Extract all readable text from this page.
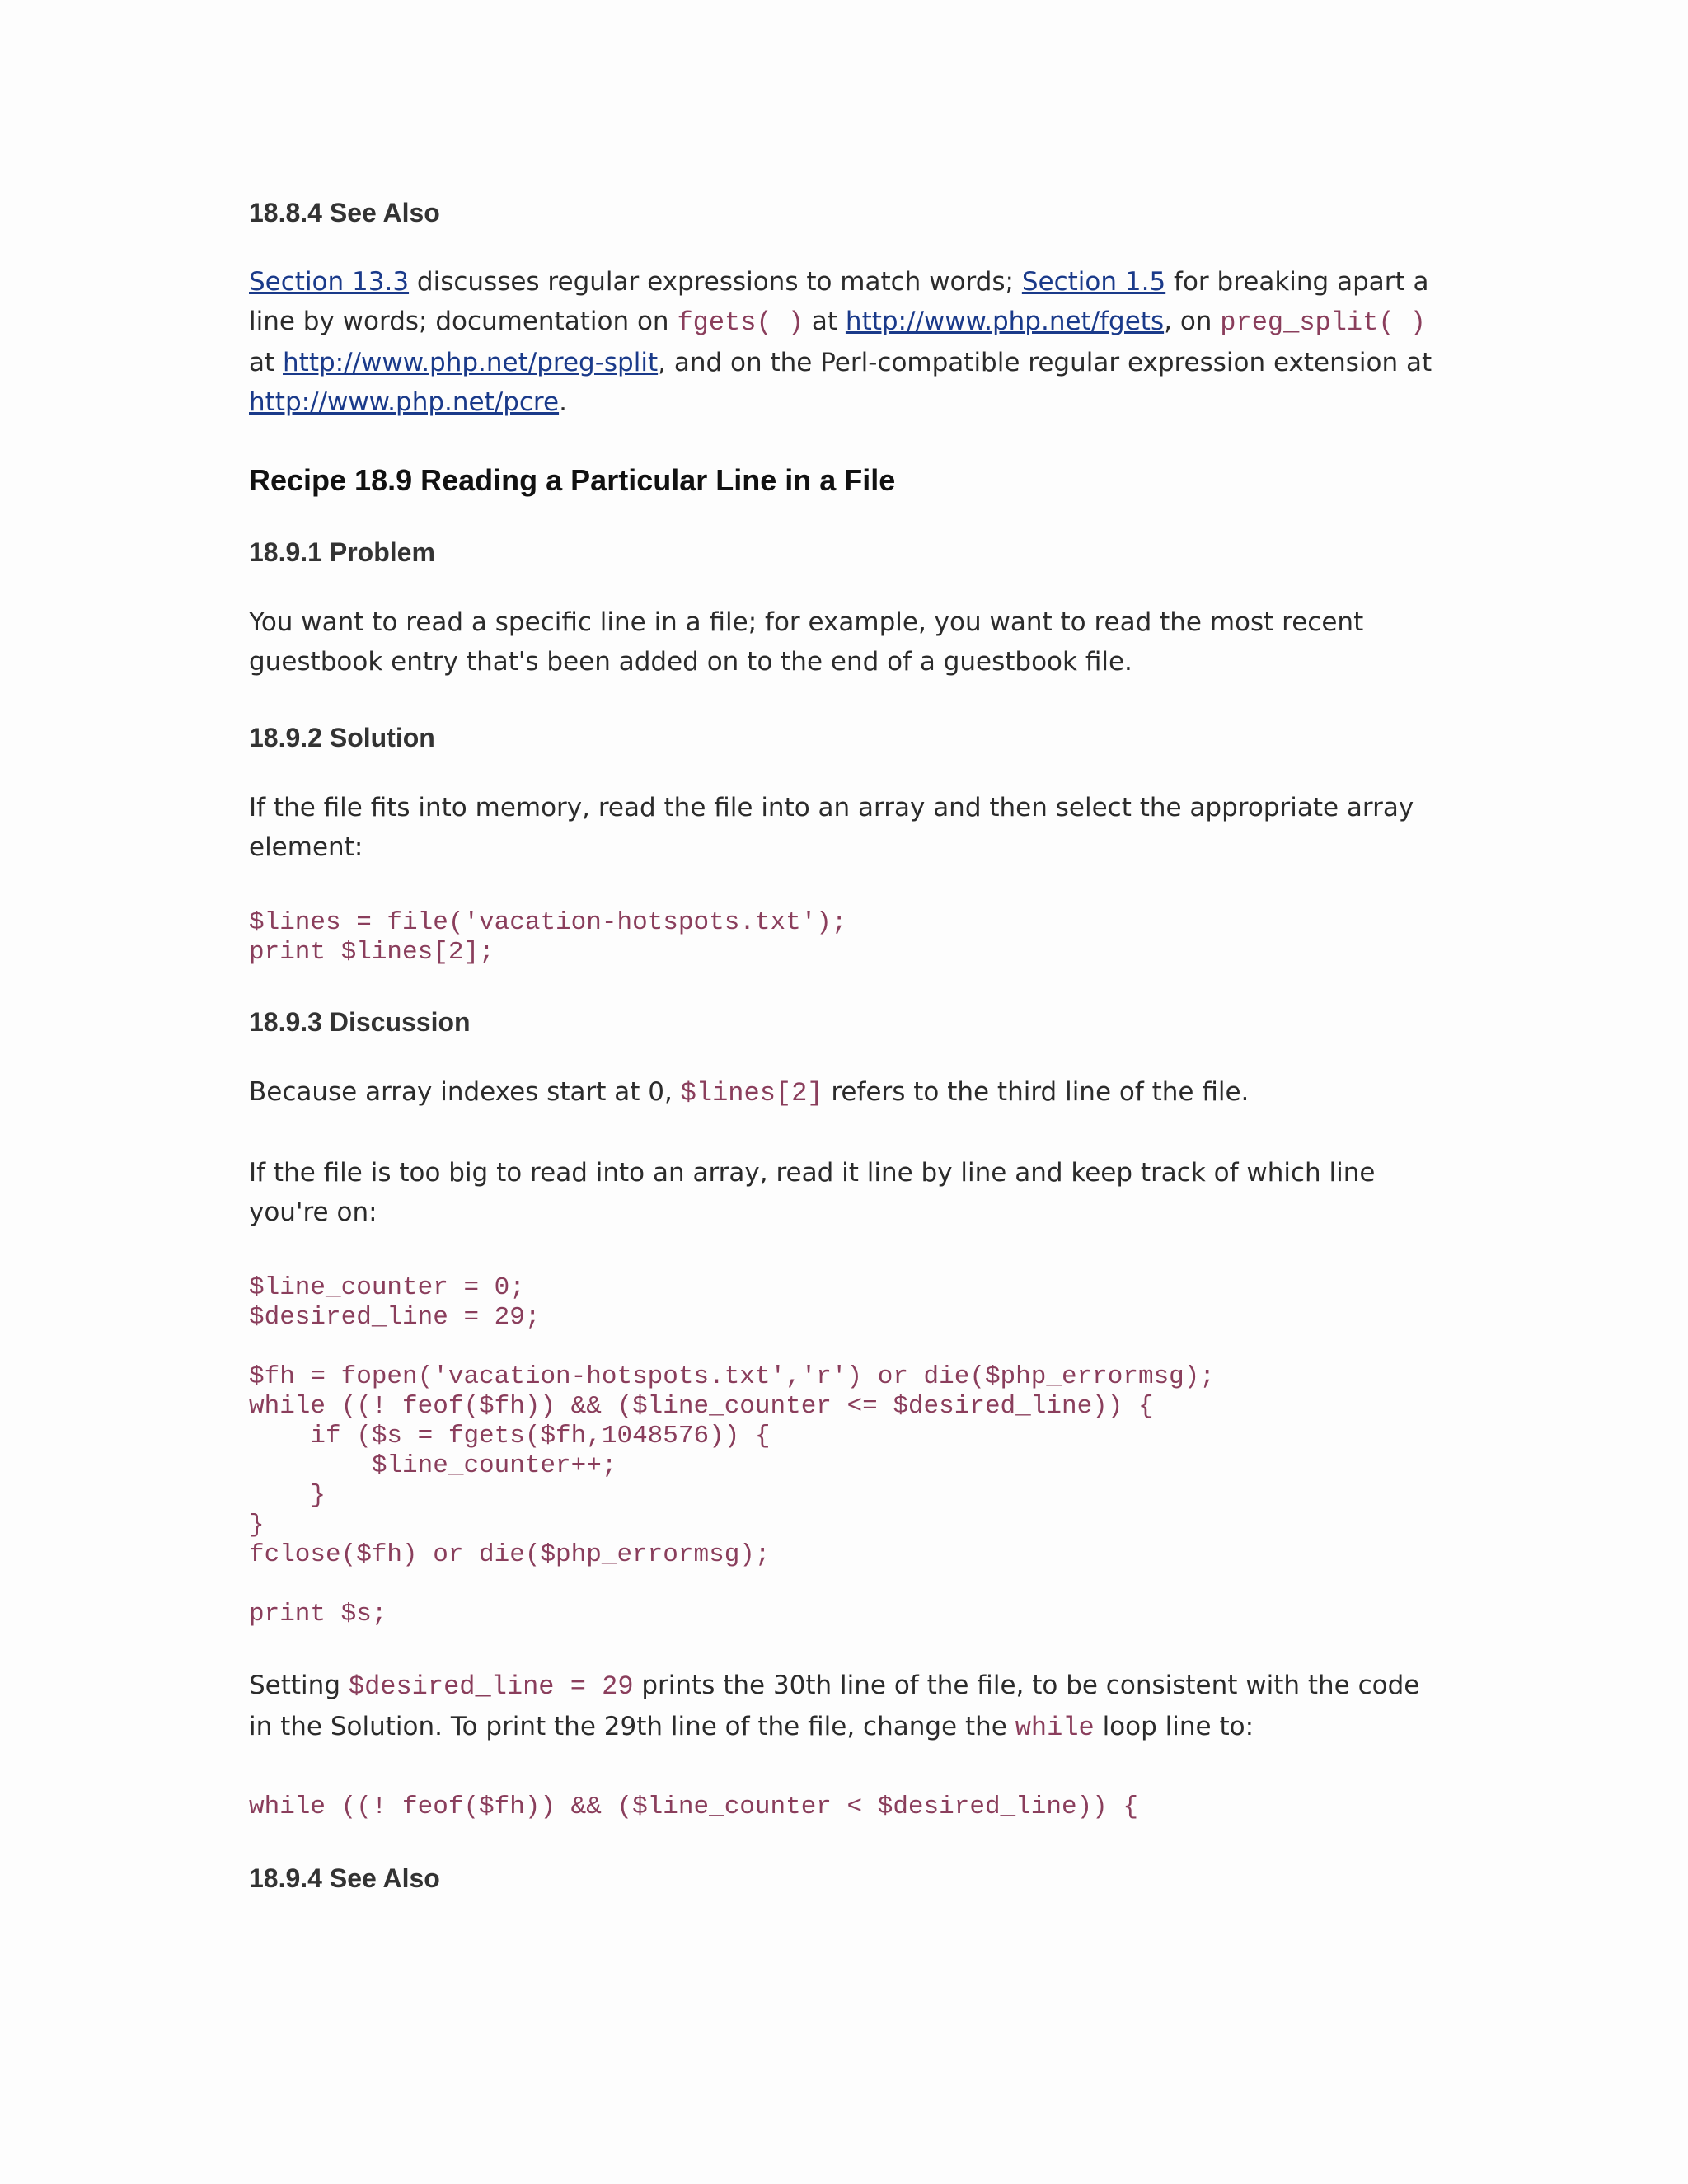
18.8.4 See Also

Section 13.3 discusses regular expressions to match words; Section 1.5 for breaking apart a line by words; documentation on fgets( ) at http://www.php.net/fgets, on preg_split( ) at http://www.php.net/preg-split, and on the Perl-compatible regular expression extension at http://www.php.net/pcre.

Recipe 18.9 Reading a Particular Line in a File
18.9.1 Problem

You want to read a specific line in a file; for example, you want to read the most recent guestbook entry that's been added on to the end of a guestbook file.

18.9.2 Solution

If the file fits into memory, read the file into an array and then select the appropriate array element:

$lines = file('vacation-hotspots.txt');
print $lines[2];
18.9.3 Discussion

Because array indexes start at 0, $lines[2] refers to the third line of the file.

If the file is too big to read into an array, read it line by line and keep track of which line you're on:

$line_counter = 0;
$desired_line = 29;

$fh = fopen('vacation-hotspots.txt','r') or die($php_errormsg);
while ((! feof($fh)) && ($line_counter <= $desired_line)) {
if ($s = fgets($fh,1048576)) {
$line_counter++;
}
}
fclose($fh) or die($php_errormsg);

print $s;

Setting $desired_line = 29 prints the 30th line of the file, to be consistent with the code in the Solution. To print the 29th line of the file, change the while loop line to:

while ((! feof($fh)) && ($line_counter < $desired_line)) {
18.9.4 See Also
